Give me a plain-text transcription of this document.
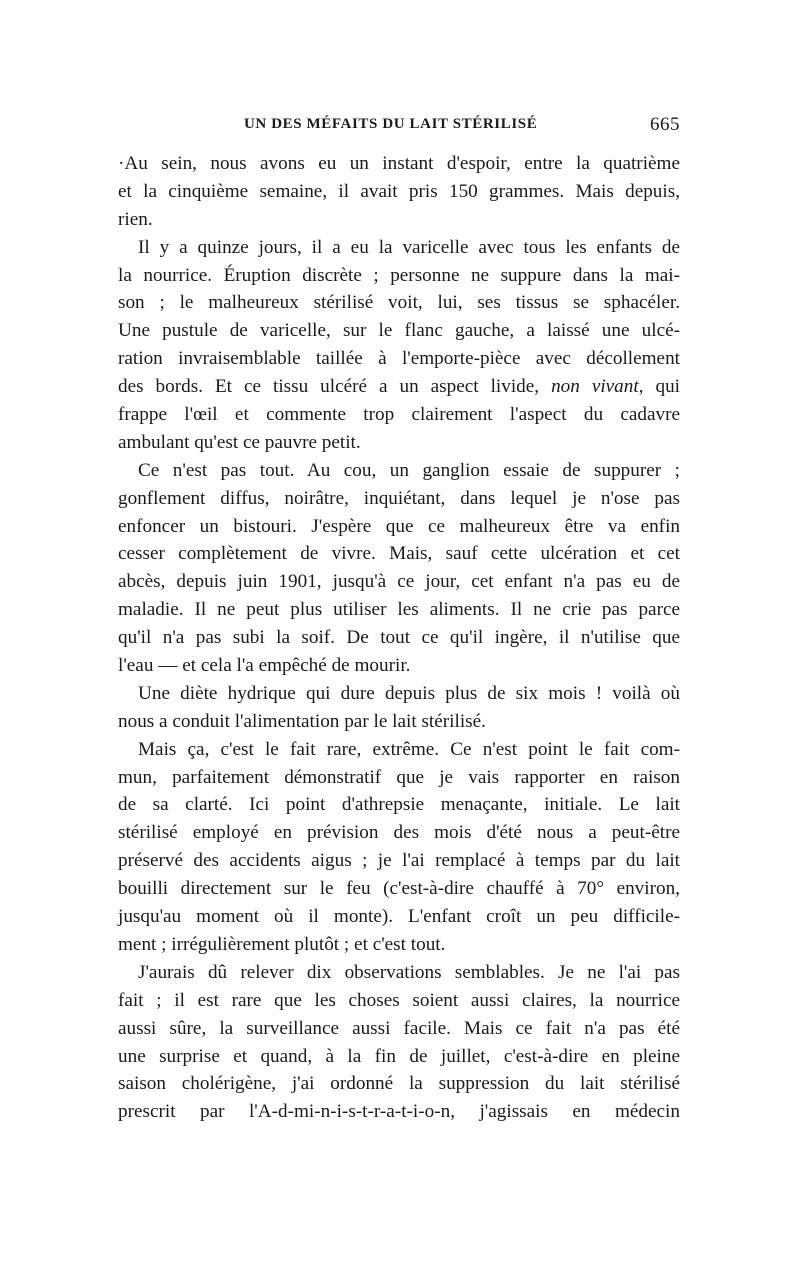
UN DES MÉFAITS DU LAIT STÉRILISÉ	665
·Au sein, nous avons eu un instant d'espoir, entre la quatrième
et la cinquième semaine, il avait pris 150 grammes. Mais depuis,
rien.
Il y a quinze jours, il a eu la varicelle avec tous les enfants de
la nourrice. Éruption discrète ; personne ne suppure dans la mai-
son ; le malheureux stérilisé voit, lui, ses tissus se sphacéler.
Une pustule de varicelle, sur le flanc gauche, a laissé une ulcé-
ration invraisemblable taillée à l'emporte-pièce avec décollement
des bords. Et ce tissu ulcéré a un aspect livide, non vivant, qui
frappe l'œil et commente trop clairement l'aspect du cadavre
ambulant qu'est ce pauvre petit.
Ce n'est pas tout. Au cou, un ganglion essaie de suppurer ;
gonflement diffus, noirâtre, inquiétant, dans lequel je n'ose pas
enfoncer un bistouri. J'espère que ce malheureux être va enfin
cesser complètement de vivre. Mais, sauf cette ulcération et cet
abcès, depuis juin 1901, jusqu'à ce jour, cet enfant n'a pas eu de
maladie. Il ne peut plus utiliser les aliments. Il ne crie pas parce
qu'il n'a pas subi la soif. De tout ce qu'il ingère, il n'utilise que
l'eau — et cela l'a empêché de mourir.
Une diète hydrique qui dure depuis plus de six mois ! voilà où
nous a conduit l'alimentation par le lait stérilisé.
Mais ça, c'est le fait rare, extrême. Ce n'est point le fait com-
mun, parfaitement démonstratif que je vais rapporter en raison
de sa clarté. Ici point d'athrepsie menaçante, initiale. Le lait
stérilisé employé en prévision des mois d'été nous a peut-être
préservé des accidents aigus ; je l'ai remplacé à temps par du lait
bouilli directement sur le feu (c'est-à-dire chauffé à 70° environ,
jusqu'au moment où il monte). L'enfant croît un peu difficile-
ment ; irrégulièrement plutôt ; et c'est tout.
J'aurais dû relever dix observations semblables. Je ne l'ai pas
fait ; il est rare que les choses soient aussi claires, la nourrice
aussi sûre, la surveillance aussi facile. Mais ce fait n'a pas été
une surprise et quand, à la fin de juillet, c'est-à-dire en pleine
saison cholérigène, j'ai ordonné la suppression du lait stérilisé
prescrit par l'A-d-mi-n-i-s-t-r-a-t-i-o-n, j'agissais en médecin
